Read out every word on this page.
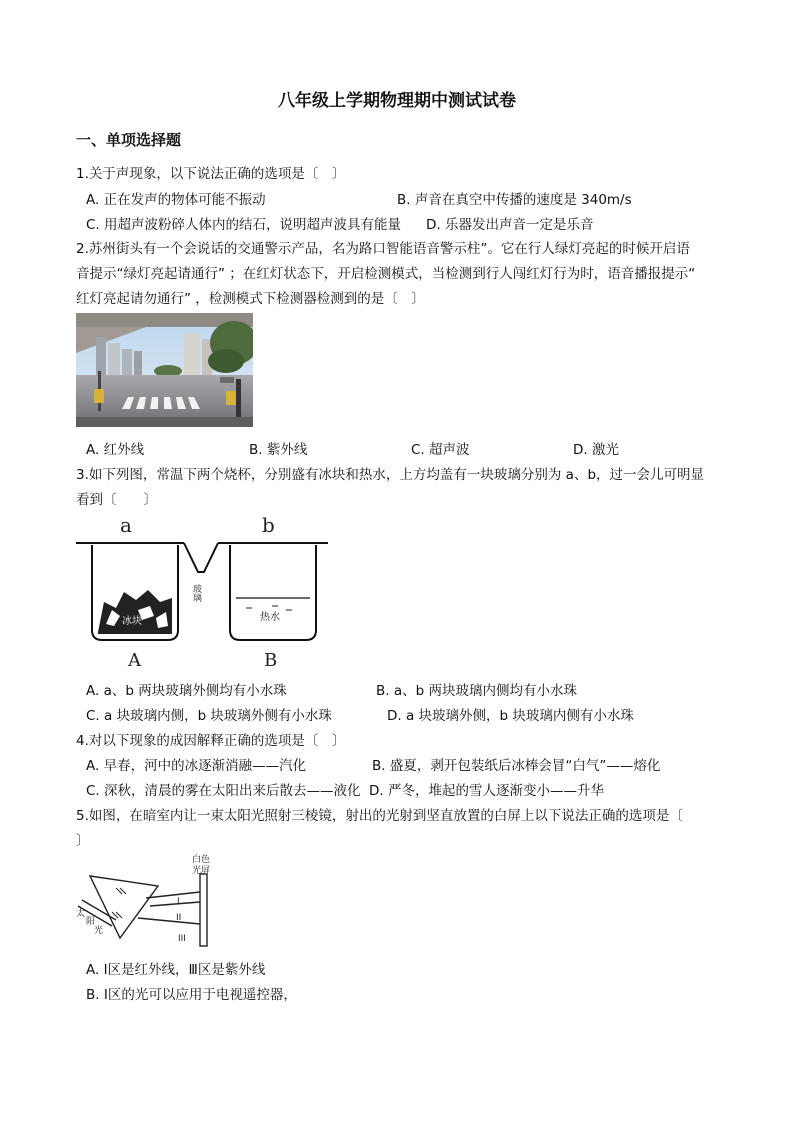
八年级上学期物理期中测试试卷
一、单项选择题
1.关于声现象，以下说法正确的选项是〔　〕
A. 正在发声的物体可能不振动	B. 声音在真空中传播的速度是 340m/s
C. 用超声波粉碎人体内的结石，说明超声波具有能量 D. 乐器发出声音一定是乐音
2.苏州街头有一个会说话的交通警示产品，名为路口智能语音警示柱”。它在行人绿灯亮起的时候开启语
音提示“绿灯亮起请通行” ；在红灯状态下，开启检测模式，当检测到行人闯红灯行为时，语音播报提示“
红灯亮起请勿通行” ，检测模式下检测器检测到的是〔　〕
A. 红外线	B. 紫外线	C. 超声波	D. 激光
3.如下列图，常温下两个烧杯，分别盛有冰块和热水，上方均盖有一块玻璃分别为 a、b，过一会儿可明显
看到〔　　〕
a	b
A	B
冰块	热水
玻璃
A. a、b 两块玻璃外侧均有小水珠	B. a、b 两块玻璃内侧均有小水珠
C. a 块玻璃内侧，b 块玻璃外侧有小水珠	D. a 块玻璃外侧，b 块玻璃内侧有小水珠
4.对以下现象的成因解释正确的选项是〔　〕
A. 早春，河中的冰逐渐消融——汽化	B. 盛夏，剥开包装纸后冰棒会冒“白气”——熔化
C. 深秋，清晨的雾在太阳出来后散去——液化 D. 严冬，堆起的雪人逐渐变小——升华
5.如图，在暗室内让一束太阳光照射三棱镜，射出的光射到坚直放置的白屏上以下说法正确的选项是〔
〕
白色
光屏
太
阳
光
I
II
III
A. Ⅰ区是红外线，Ⅲ区是紫外线
B. Ⅰ区的光可以应用于电视遥控器，
